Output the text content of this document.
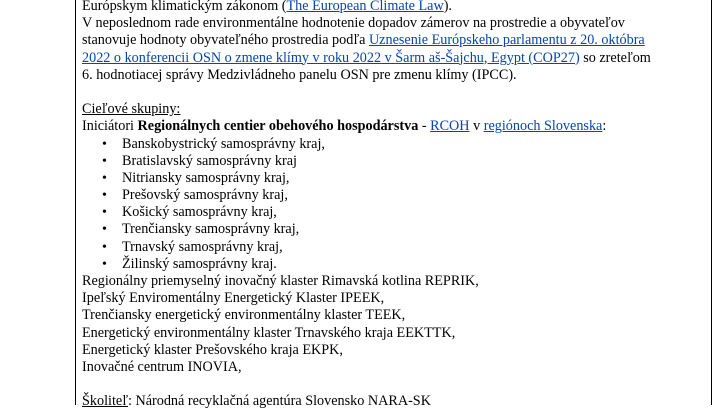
Európskym klimatickým zákonom (The European Climate Law).
V neposlednom rade environmentálne hodnotenie dopadov zámerov na prostredie a obyvateľov
stanovuje hodnoty obyvateľného prostredia podľa Uznesenie Európskeho parlamentu z 20. októbra
2022 o konferencii OSN o zmene klímy v roku 2022 v Šarm aš-Šajchu, Egypt (COP27) so zreteľom
6. hodnotiacej správy Medzivládneho panelu OSN pre zmenu klímy (IPCC).
Cieľové skupiny:
Iniciátori Regionálnych centier obehového hospodárstva - RCOH v regiónoch Slovenska:
• Banskobystrický samosprávny kraj,
• Bratislavský samosprávny kraj
• Nitriansky samosprávny kraj,
• Prešovský samosprávny kraj,
• Košický samosprávny kraj,
• Trenčiansky samosprávny kraj,
• Trnavský samosprávny kraj,
• Žilinský samosprávny kraj.
Regionálny priemyselný inovačný klaster Rimavská kotlina REPRIK,
Ipeľský Enviromentálny Energetický Klaster IPEEK,
Trenčiansky energetický environmentálny klaster TEEK,
Energetický environmentálny klaster Trnavského kraja EEKTTK,
Energetický klaster Prešovského kraja EKPK,
Inovačné centrum INOVIA,
Školiteľ: Národná recyklačná agentúra Slovensko NARA-SK
